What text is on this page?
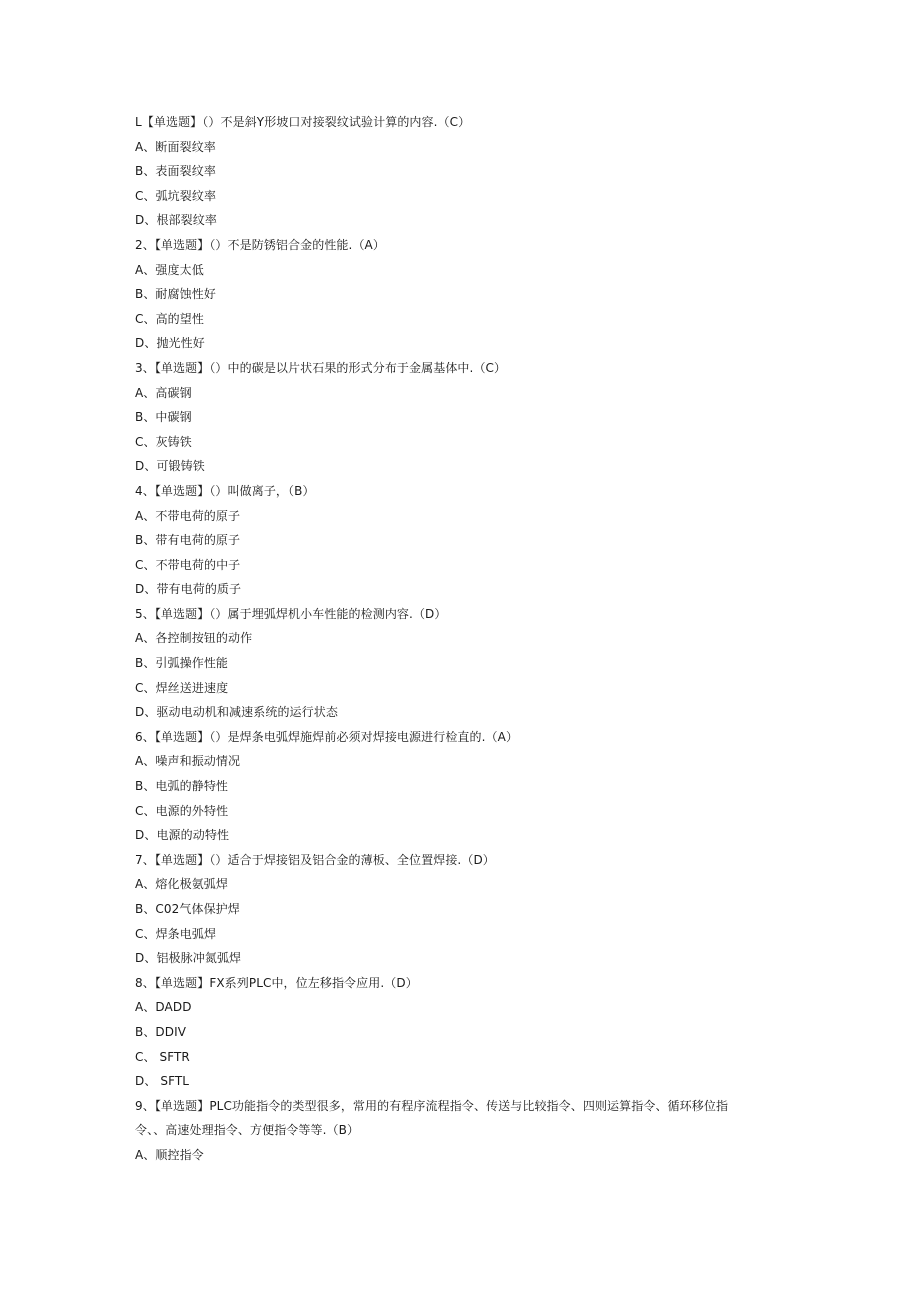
L【单选题】（）不是斜Y形坡口对接裂纹试验计算的内容.（C）
A、断面裂纹率
B、表面裂纹率
C、弧坑裂纹率
D、根部裂纹率
2、【单选题】（）不是防锈铝合金的性能.（A）
A、强度太低
B、耐腐蚀性好
C、高的望性
D、抛光性好
3、【单选题】（）中的碳是以片状石果的形式分布于金属基体中.（C）
A、高碳钢
B、中碳钢
C、灰铸铁
D、可锻铸铁
4、【单选题】（）叫做离子，（B）
A、不带电荷的原子
B、带有电荷的原子
C、不带电荷的中子
D、带有电荷的质子
5、【单选题】（）属于埋弧焊机小车性能的检测内容.（D）
A、各控制按钮的动作
B、引弧操作性能
C、焊丝送进速度
D、驱动电动机和减速系统的运行状态
6、【单选题】（）是焊条电弧焊施焊前必须对焊接电源进行检直的.（A）
A、噪声和振动情况
B、电弧的静特性
C、电源的外特性
D、电源的动特性
7、【单选题】（）适合于焊接铝及铝合金的薄板、全位置焊接.（D）
A、熔化极氨弧焊
B、C02气体保护焊
C、焊条电弧焊
D、铝极脉冲氮弧焊
8、【单选题】FX系列PLC中，位左移指令应用.（D）
A、DADD
B、DDIV
C、 SFTR
D、 SFTL
9、【单选题】PLC功能指令的类型很多，常用的有程序流程指令、传送与比较指令、四则运算指令、循环移位指
令、、高速处理指令、方便指令等等.（B）
A、顺控指令
